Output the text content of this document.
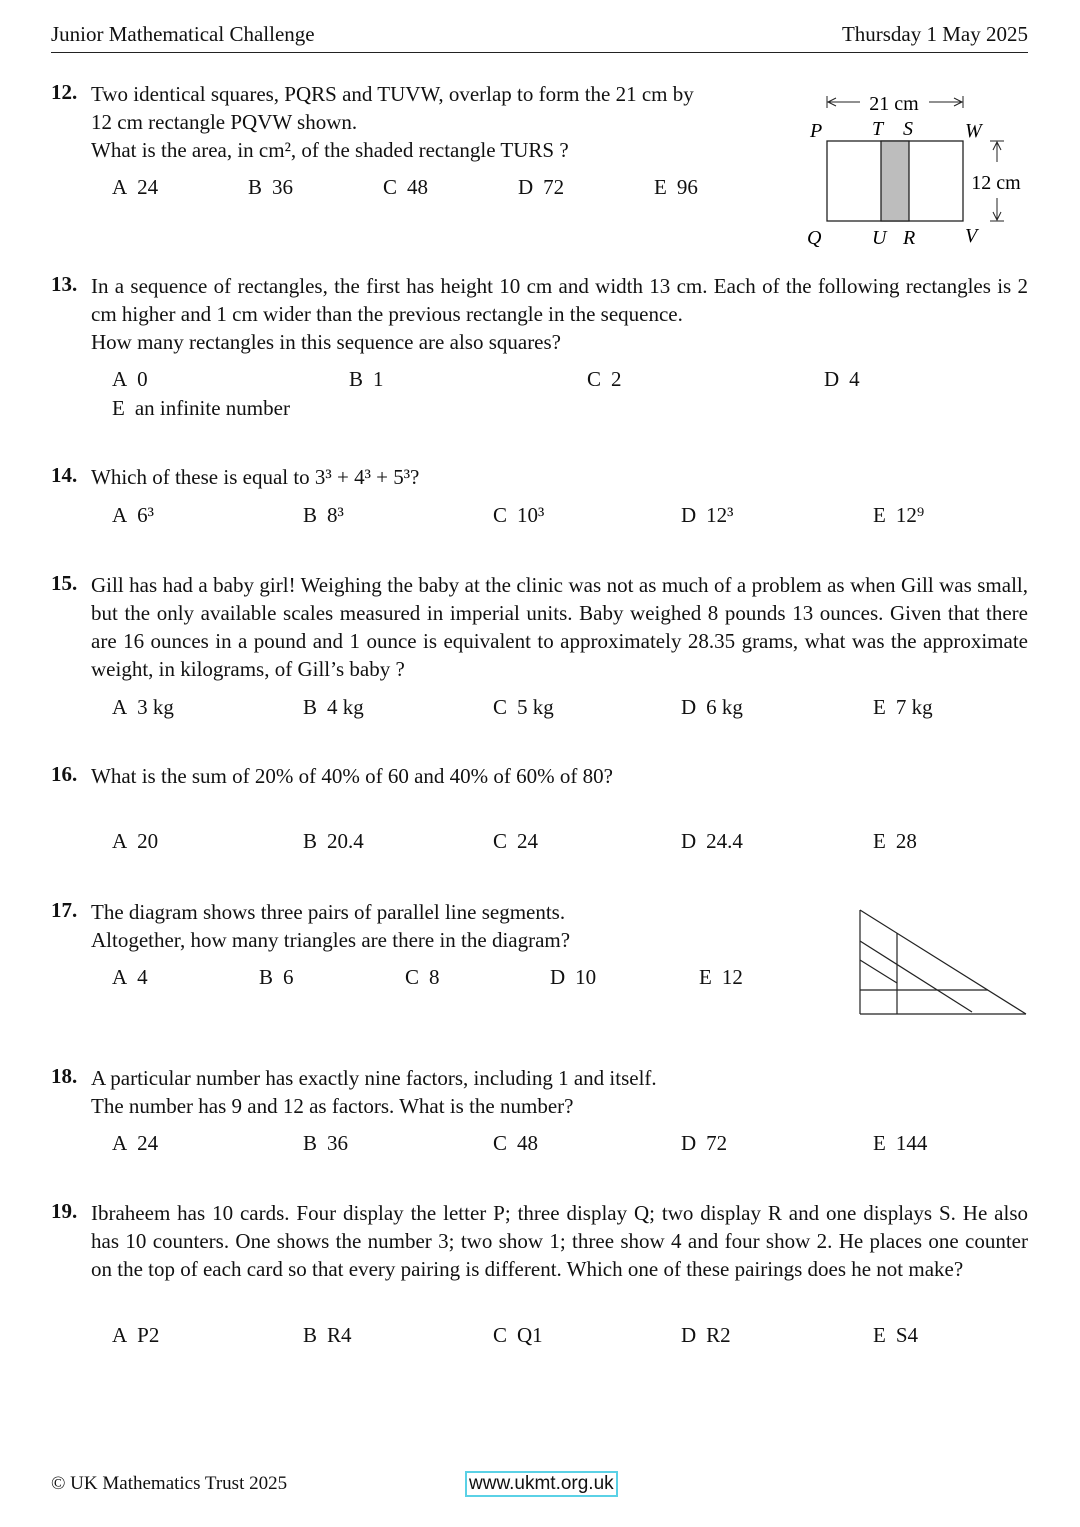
Junior Mathematical Challenge	Thursday 1 May 2025
12. Two identical squares, PQRS and TUVW, overlap to form the 21 cm by
12 cm rectangle PQVW shown.
What is the area, in cm², of the shaded rectangle TURS ?
A 24	B 36	C 48	D 72	E 96
21 cm
12 cm
P T S	W
Q	U R V
13. In a sequence of rectangles, the first has height 10 cm and width 13 cm. Each of the following rectangles is 2 cm higher and 1 cm wider than the previous rectangle in the sequence.
How many rectangles in this sequence are also squares?
A 0	B 1	C 2	D 4
E an infinite number
14. Which of these is equal to 3³ + 4³ + 5³?
A 6³	B 8³	C 10³	D 12³	E 12⁹
15. Gill has had a baby girl! Weighing the baby at the clinic was not as much of a problem as when Gill was small, but the only available scales measured in imperial units. Baby weighed 8 pounds 13 ounces. Given that there are 16 ounces in a pound and 1 ounce is equivalent to approximately 28.35 grams, what was the approximate weight, in kilograms, of Gill’s baby ?
A 3 kg	B 4 kg	C 5 kg	D 6 kg	E 7 kg
16. What is the sum of 20% of 40% of 60 and 40% of 60% of 80?
A 20	B 20.4	C 24	D 24.4	E 28
17. The diagram shows three pairs of parallel line segments.
Altogether, how many triangles are there in the diagram?
A 4	B 6	C 8	D 10	E 12
18. A particular number has exactly nine factors, including 1 and itself.
The number has 9 and 12 as factors. What is the number?
A 24	B 36	C 48	D 72	E 144
19. Ibraheem has 10 cards. Four display the letter P; three display Q; two display R and one displays S. He also has 10 counters. One shows the number 3; two show 1; three show 4 and four show 2. He places one counter on the top of each card so that every pairing is different. Which one of these pairings does he not make?
A P2	B R4	C Q1	D R2	E S4
© UK Mathematics Trust 2025	www.ukmt.org.uk
